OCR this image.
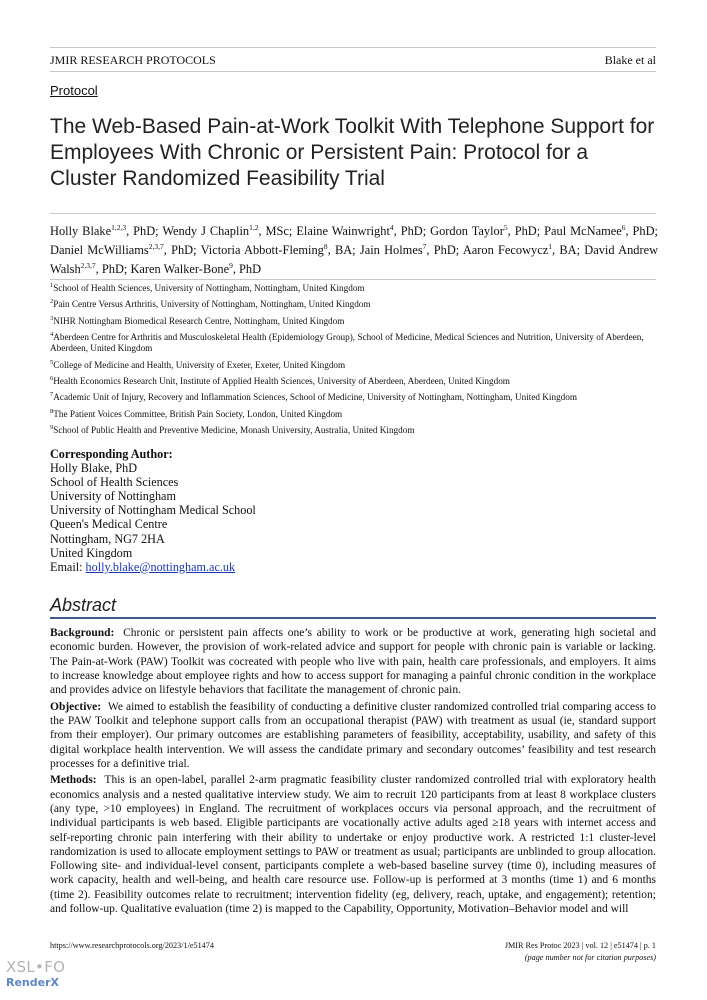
JMIR RESEARCH PROTOCOLS	Blake et al
Protocol
The Web-Based Pain-at-Work Toolkit With Telephone Support for Employees With Chronic or Persistent Pain: Protocol for a Cluster Randomized Feasibility Trial
Holly Blake$^{1,2,3}$, PhD; Wendy J Chaplin$^{1,2}$, MSc; Elaine Wainwright$^4$, PhD; Gordon Taylor$^5$, PhD; Paul McNamee$^6$, PhD; Daniel McWilliams$^{2,3,7}$, PhD; Victoria Abbott-Fleming$^8$, BA; Jain Holmes$^7$, PhD; Aaron Fecowycz$^1$, BA; David Andrew Walsh$^{2,3,7}$, PhD; Karen Walker-Bone$^9$, PhD
$^1$School of Health Sciences, University of Nottingham, Nottingham, United Kingdom
$^2$Pain Centre Versus Arthritis, University of Nottingham, Nottingham, United Kingdom
$^3$NIHR Nottingham Biomedical Research Centre, Nottingham, United Kingdom
$^4$Aberdeen Centre for Arthritis and Musculoskeletal Health (Epidemiology Group), School of Medicine, Medical Sciences and Nutrition, University of Aberdeen, Aberdeen, United Kingdom
$^5$College of Medicine and Health, University of Exeter, Exeter, United Kingdom
$^6$Health Economics Research Unit, Institute of Applied Health Sciences, University of Aberdeen, Aberdeen, United Kingdom
$^7$Academic Unit of Injury, Recovery and Inflammation Sciences, School of Medicine, University of Nottingham, Nottingham, United Kingdom
$^8$The Patient Voices Committee, British Pain Society, London, United Kingdom
$^9$School of Public Health and Preventive Medicine, Monash University, Australia, United Kingdom
Corresponding Author:
Holly Blake, PhD
School of Health Sciences
University of Nottingham
University of Nottingham Medical School
Queen's Medical Centre
Nottingham, NG7 2HA
United Kingdom
Email: holly.blake@nottingham.ac.uk
Abstract

Background: Chronic or persistent pain affects one’s ability to work or be productive at work, generating high societal and economic burden. However, the provision of work-related advice and support for people with chronic pain is variable or lacking. The Pain-at-Work (PAW) Toolkit was cocreated with people who live with pain, health care professionals, and employers. It aims to increase knowledge about employee rights and how to access support for managing a painful chronic condition in the workplace and provides advice on lifestyle behaviors that facilitate the management of chronic pain.

Objective: We aimed to establish the feasibility of conducting a definitive cluster randomized controlled trial comparing access to the PAW Toolkit and telephone support calls from an occupational therapist (PAW) with treatment as usual (ie, standard support from their employer). Our primary outcomes are establishing parameters of feasibility, acceptability, usability, and safety of this digital workplace health intervention. We will assess the candidate primary and secondary outcomes’ feasibility and test research processes for a definitive trial.

Methods: This is an open-label, parallel 2-arm pragmatic feasibility cluster randomized controlled trial with exploratory health economics analysis and a nested qualitative interview study. We aim to recruit 120 participants from at least 8 workplace clusters (any type, >10 employees) in England. The recruitment of workplaces occurs via personal approach, and the recruitment of individual participants is web based. Eligible participants are vocationally active adults aged ≥18 years with internet access and self-reporting chronic pain interfering with their ability to undertake or enjoy productive work. A restricted 1:1 cluster-level randomization is used to allocate employment settings to PAW or treatment as usual; participants are unblinded to group allocation. Following site- and individual-level consent, participants complete a web-based baseline survey (time 0), including measures of work capacity, health and well-being, and health care resource use. Follow-up is performed at 3 months (time 1) and 6 months (time 2). Feasibility outcomes relate to recruitment; intervention fidelity (eg, delivery, reach, uptake, and engagement); retention; and follow-up. Qualitative evaluation (time 2) is mapped to the Capability, Opportunity, Motivation–Behavior model and will

https://www.researchprotocols.org/2023/1/e51474	JMIR Res Protoc 2023 | vol. 12 | e51474 | p. 1
(page number not for citation purposes)
XSL•FO
RenderX
